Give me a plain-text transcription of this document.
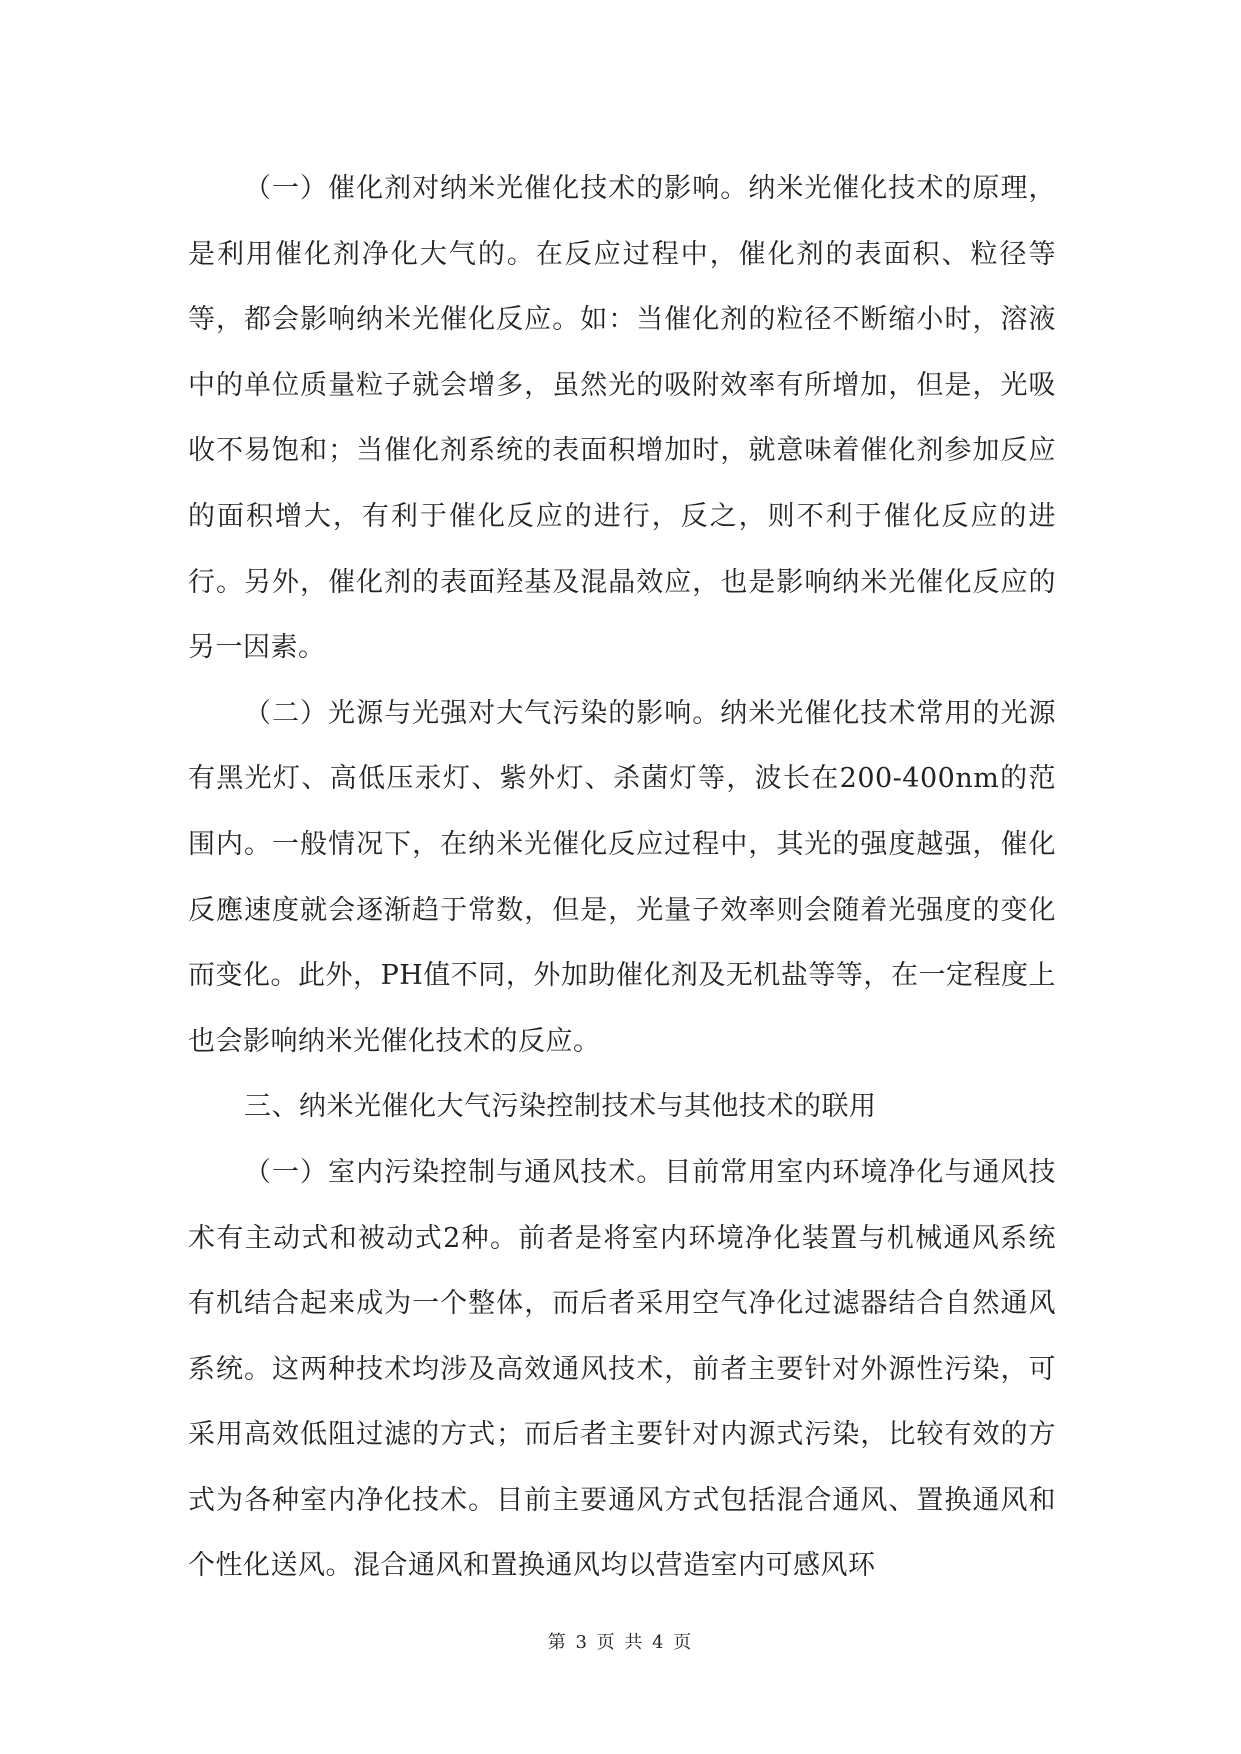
（一）催化剂对纳米光催化技术的影响。纳米光催化技术的原理，是利用催化剂净化大气的。在反应过程中，催化剂的表面积、粒径等等，都会影响纳米光催化反应。如：当催化剂的粒径不断缩小时，溶液中的单位质量粒子就会增多，虽然光的吸附效率有所增加，但是，光吸收不易饱和；当催化剂系统的表面积增加时，就意味着催化剂参加反应的面积增大，有利于催化反应的进行，反之，则不利于催化反应的进行。另外，催化剂的表面羟基及混晶效应，也是影响纳米光催化反应的另一因素。

（二）光源与光强对大气污染的影响。纳米光催化技术常用的光源有黑光灯、高低压汞灯、紫外灯、杀菌灯等，波长在200-400nm的范围内。一般情况下，在纳米光催化反应过程中，其光的强度越强，催化反應速度就会逐渐趋于常数，但是，光量子效率则会随着光强度的变化而变化。此外，PH值不同，外加助催化剂及无机盐等等，在一定程度上也会影响纳米光催化技术的反应。

三、纳米光催化大气污染控制技术与其他技术的联用

（一）室内污染控制与通风技术。目前常用室内环境净化与通风技术有主动式和被动式2种。前者是将室内环境净化装置与机械通风系统有机结合起来成为一个整体，而后者采用空气净化过滤器结合自然通风系统。这两种技术均涉及高效通风技术，前者主要针对外源性污染，可采用高效低阻过滤的方式；而后者主要针对内源式污染，比较有效的方式为各种室内净化技术。目前主要通风方式包括混合通风、置换通风和个性化送风。混合通风和置换通风均以营造室内可感风环

第 3 页 共 4 页
